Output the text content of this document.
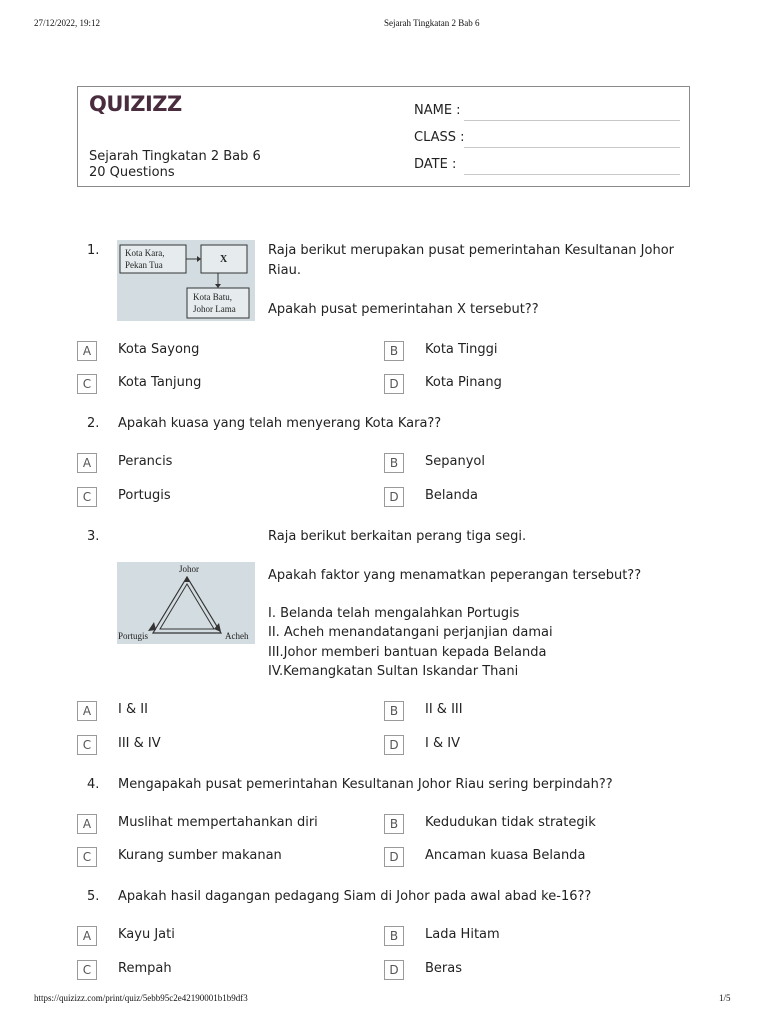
27/12/2022, 19:12	Sejarah Tingkatan 2 Bab 6
https://quizizz.com/print/quiz/5ebb95c2e42190001b1b9df3	1/5
QUIZIZZ
Sejarah Tingkatan 2 Bab 6
20 Questions
NAME :
CLASS :
DATE :
1.	Kota Kara,
Pekan Tua	X
Kota Batu,
Johor Lama
Raja berikut merupakan pusat pemerintahan Kesultanan Johor
Riau.
Apakah pusat pemerintahan X tersebut??
A	Kota Sayong	B	Kota Tinggi
C	Kota Tanjung	D	Kota Pinang
2. Apakah kuasa yang telah menyerang Kota Kara??
A	Perancis	B	Sepanyol
C	Portugis	D	Belanda
3.
Johor
Portugis	Acheh
Raja berikut berkaitan perang tiga segi.
Apakah faktor yang menamatkan peperangan tersebut??
I. Belanda telah mengalahkan Portugis
II. Acheh menandatangani perjanjian damai
III.Johor memberi bantuan kepada Belanda
IV.Kemangkatan Sultan Iskandar Thani
A	I & II	B	II & III
C	III & IV	D	I & IV
4. Mengapakah pusat pemerintahan Kesultanan Johor Riau sering berpindah??
A	Muslihat mempertahankan diri	B	Kedudukan tidak strategik
C	Kurang sumber makanan	D	Ancaman kuasa Belanda
5. Apakah hasil dagangan pedagang Siam di Johor pada awal abad ke-16??
A	Kayu Jati	B	Lada Hitam
C	Rempah	D	Beras
